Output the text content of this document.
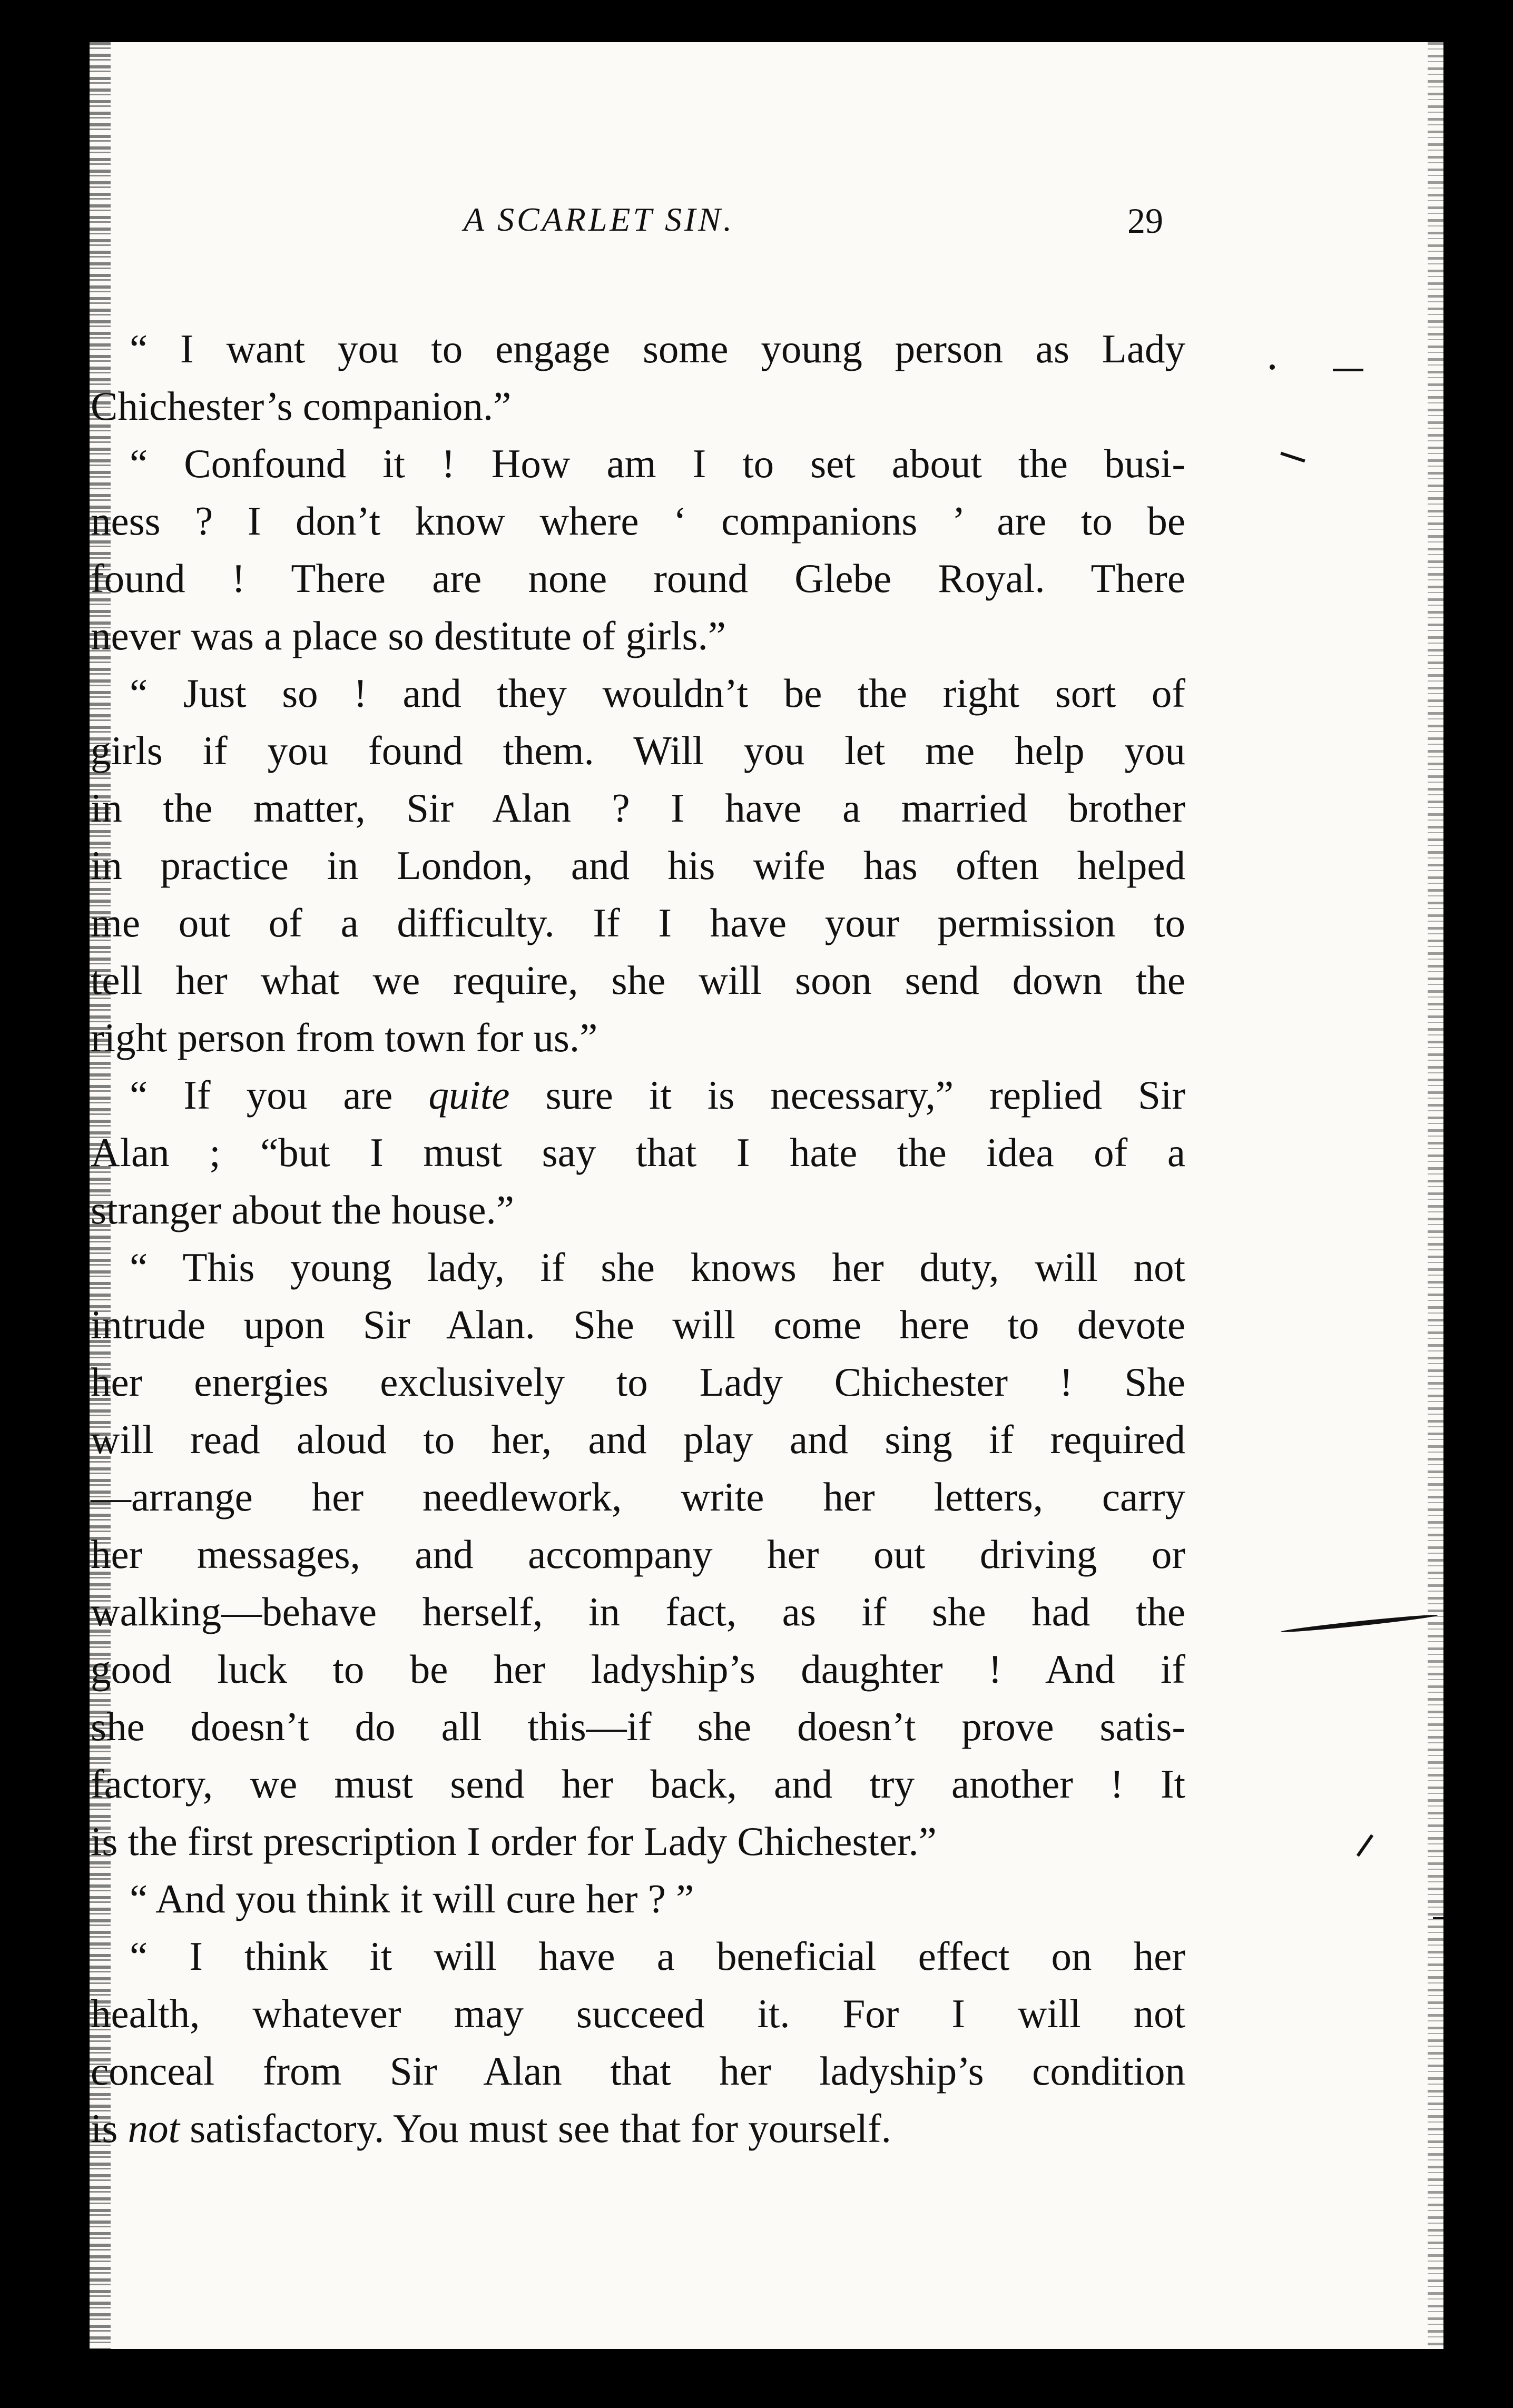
A SCARLET SIN.	29
“ I want you to engage some young person as Lady
Chichester’s companion.”
“ Confound it ! How am I to set about the busi-
ness ? I don’t know where ‘ companions ’ are to be
found ! There are none round Glebe Royal. There
never was a place so destitute of girls.”
“ Just so ! and they wouldn’t be the right sort of
girls if you found them. Will you let me help you
in the matter, Sir Alan ? I have a married brother
in practice in London, and his wife has often helped
me out of a difficulty. If I have your permission to
tell her what we require, she will soon send down the
right person from town for us.”
“ If you are quite sure it is necessary,” replied Sir
Alan ; “but I must say that I hate the idea of a
stranger about the house.”
“ This young lady, if she knows her duty, will not
intrude upon Sir Alan. She will come here to devote
her energies exclusively to Lady Chichester ! She
will read aloud to her, and play and sing if required
—arrange her needlework, write her letters, carry
her messages, and accompany her out driving or
walking—behave herself, in fact, as if she had the
good luck to be her ladyship’s daughter ! And if
she doesn’t do all this—if she doesn’t prove satis-
factory, we must send her back, and try another ! It
is the first prescription I order for Lady Chichester.”
“ And you think it will cure her ? ”
“ I think it will have a beneficial effect on her
health, whatever may succeed it. For I will not
conceal from Sir Alan that her ladyship’s condition
is not satisfactory. You must see that for yourself.
